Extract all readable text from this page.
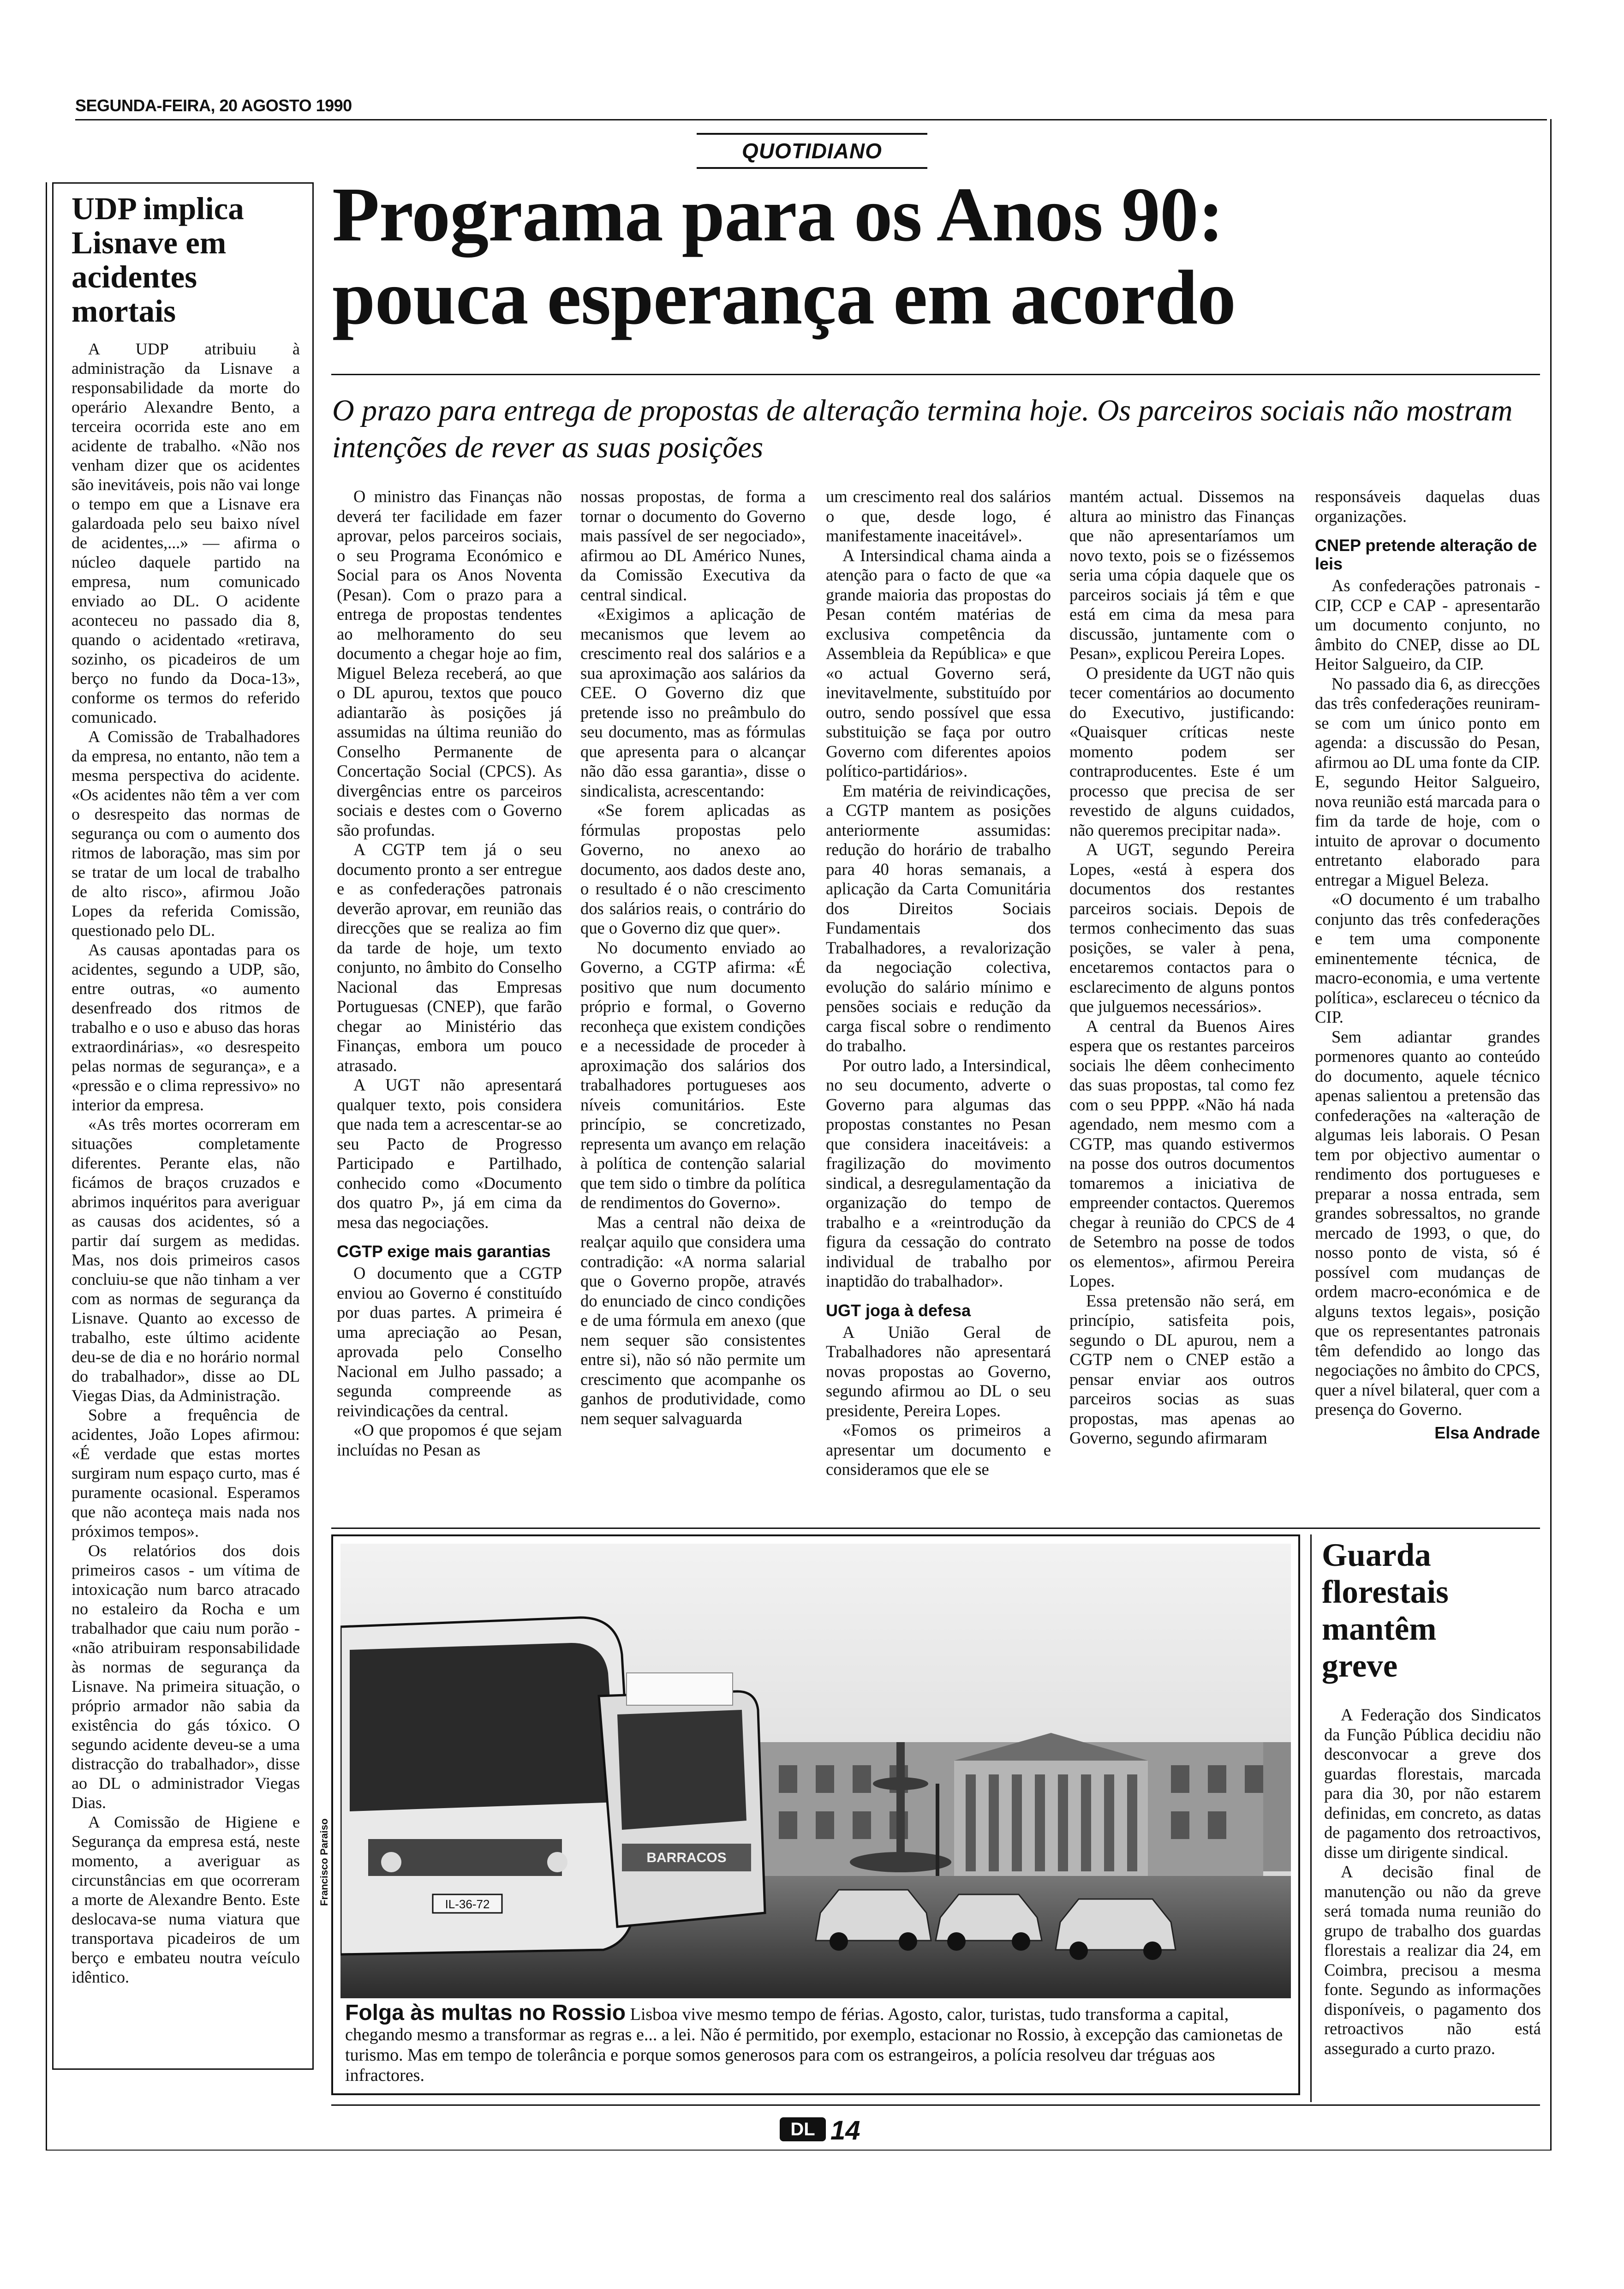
SEGUNDA-FEIRA, 20 AGOSTO 1990
QUOTIDIANO
UDP implica Lisnave em acidentes mortais

A UDP atribuiu à administração da Lisnave a responsabilidade da morte do operário Alexandre Bento, a terceira ocorrida este ano em acidente de trabalho. «Não nos venham dizer que os acidentes são inevitáveis, pois não vai longe o tempo em que a Lisnave era galardoada pelo seu baixo nível de acidentes,...» — afirma o núcleo daquele partido na empresa, num comunicado enviado ao DL. O acidente aconteceu no passado dia 8, quando o acidentado «retirava, sozinho, os picadeiros de um berço no fundo da Doca-13», conforme os termos do referido comunicado.

A Comissão de Trabalhadores da empresa, no entanto, não tem a mesma perspectiva do acidente. «Os acidentes não têm a ver com o desrespeito das normas de segurança ou com o aumento dos ritmos de laboração, mas sim por se tratar de um local de trabalho de alto risco», afirmou João Lopes da referida Comissão, questionado pelo DL.

As causas apontadas para os acidentes, segundo a UDP, são, entre outras, «o aumento desenfreado dos ritmos de trabalho e o uso e abuso das horas extraordinárias», «o desrespeito pelas normas de segurança», e a «pressão e o clima repressivo» no interior da empresa.

«As três mortes ocorreram em situações completamente diferentes. Perante elas, não ficámos de braços cruzados e abrimos inquéritos para averiguar as causas dos acidentes, só a partir daí surgem as medidas. Mas, nos dois primeiros casos concluiu-se que não tinham a ver com as normas de segurança da Lisnave. Quanto ao excesso de trabalho, este último acidente deu-se de dia e no horário normal do trabalhador», disse ao DL Viegas Dias, da Administração.

Sobre a frequência de acidentes, João Lopes afirmou: «É verdade que estas mortes surgiram num espaço curto, mas é puramente ocasional. Esperamos que não aconteça mais nada nos próximos tempos».

Os relatórios dos dois primeiros casos - um vítima de intoxicação num barco atracado no estaleiro da Rocha e um trabalhador que caiu num porão - «não atribuiram responsabilidade às normas de segurança da Lisnave. Na primeira situação, o próprio armador não sabia da existência do gás tóxico. O segundo acidente deveu-se a uma distracção do trabalhador», disse ao DL o administrador Viegas Dias.

A Comissão de Higiene e Segurança da empresa está, neste momento, a averiguar as circunstâncias em que ocorreram a morte de Alexandre Bento. Este deslocava-se numa viatura que transportava picadeiros de um berço e embateu noutra veículo idêntico.

Programa para os Anos 90:
pouca esperança em acordo
O prazo para entrega de propostas de alteração termina hoje. Os parceiros sociais não mostram intenções de rever as suas posições

O ministro das Finanças não deverá ter facilidade em fazer aprovar, pelos parceiros sociais, o seu Programa Económico e Social para os Anos Noventa (Pesan). Com o prazo para a entrega de propostas tendentes ao melhoramento do seu documento a chegar hoje ao fim, Miguel Beleza receberá, ao que o DL apurou, textos que pouco adiantarão às posições já assumidas na última reunião do Conselho Permanente de Concertação Social (CPCS). As divergências entre os parceiros sociais e destes com o Governo são profundas.

A CGTP tem já o seu documento pronto a ser entregue e as confederações patronais deverão aprovar, em reunião das direcções que se realiza ao fim da tarde de hoje, um texto conjunto, no âmbito do Conselho Nacional das Empresas Portuguesas (CNEP), que farão chegar ao Ministério das Finanças, embora um pouco atrasado.

A UGT não apresentará qualquer texto, pois considera que nada tem a acrescentar-se ao seu Pacto de Progresso Participado e Partilhado, conhecido como «Documento dos quatro P», já em cima da mesa das negociações.

CGTP exige mais garantias

O documento que a CGTP enviou ao Governo é constituído por duas partes. A primeira é uma apreciação ao Pesan, aprovada pelo Conselho Nacional em Julho passado; a segunda compreende as reivindicações da central.

«O que propomos é que sejam incluídas no Pesan as

nossas propostas, de forma a tornar o documento do Governo mais passível de ser negociado», afirmou ao DL Américo Nunes, da Comissão Executiva da central sindical.

«Exigimos a aplicação de mecanismos que levem ao crescimento real dos salários e a sua aproximação aos salários da CEE. O Governo diz que pretende isso no preâmbulo do seu documento, mas as fórmulas que apresenta para o alcançar não dão essa garantia», disse o sindicalista, acrescentando:

«Se forem aplicadas as fórmulas propostas pelo Governo, no anexo ao documento, aos dados deste ano, o resultado é o não crescimento dos salários reais, o contrário do que o Governo diz que quer».

No documento enviado ao Governo, a CGTP afirma: «É positivo que num documento próprio e formal, o Governo reconheça que existem condições e a necessidade de proceder à aproximação dos salários dos trabalhadores portugueses aos níveis comunitários. Este princípio, se concretizado, representa um avanço em relação à política de contenção salarial que tem sido o timbre da política de rendimentos do Governo».

Mas a central não deixa de realçar aquilo que considera uma contradição: «A norma salarial que o Governo propõe, através do enunciado de cinco condições e de uma fórmula em anexo (que nem sequer são consistentes entre si), não só não permite um crescimento que acompanhe os ganhos de produtividade, como nem sequer salvaguarda

um crescimento real dos salários o que, desde logo, é manifestamente inaceitável».

A Intersindical chama ainda a atenção para o facto de que «a grande maioria das propostas do Pesan contém matérias de exclusiva competência da Assembleia da República» e que «o actual Governo será, inevitavelmente, substituído por outro, sendo possível que essa substituição se faça por outro Governo com diferentes apoios político-partidários».

Em matéria de reivindicações, a CGTP mantem as posições anteriormente assumidas: redução do horário de trabalho para 40 horas semanais, a aplicação da Carta Comunitária dos Direitos Sociais Fundamentais dos Trabalhadores, a revalorização da negociação colectiva, evolução do salário mínimo e pensões sociais e redução da carga fiscal sobre o rendimento do trabalho.

Por outro lado, a Intersindical, no seu documento, adverte o Governo para algumas das propostas constantes no Pesan que considera inaceitáveis: a fragilização do movimento sindical, a desregulamentação da organização do tempo de trabalho e a «reintrodução da figura da cessação do contrato individual de trabalho por inaptidão do trabalhador».

UGT joga à defesa

A União Geral de Trabalhadores não apresentará novas propostas ao Governo, segundo afirmou ao DL o seu presidente, Pereira Lopes.

«Fomos os primeiros a apresentar um documento e consideramos que ele se

mantém actual. Dissemos na altura ao ministro das Finanças que não apresentaríamos um novo texto, pois se o fizéssemos seria uma cópia daquele que os parceiros sociais já têm e que está em cima da mesa para discussão, juntamente com o Pesan», explicou Pereira Lopes.

O presidente da UGT não quis tecer comentários ao documento do Executivo, justificando: «Quaisquer críticas neste momento podem ser contraproducentes. Este é um processo que precisa de ser revestido de alguns cuidados, não queremos precipitar nada».

A UGT, segundo Pereira Lopes, «está à espera dos documentos dos restantes parceiros sociais. Depois de termos conhecimento das suas posições, se valer à pena, encetaremos contactos para o esclarecimento de alguns pontos que julguemos necessários».

A central da Buenos Aires espera que os restantes parceiros sociais lhe dêem conhecimento das suas propostas, tal como fez com o seu PPPP. «Não há nada agendado, nem mesmo com a CGTP, mas quando estivermos na posse dos outros documentos tomaremos a iniciativa de empreender contactos. Queremos chegar à reunião do CPCS de 4 de Setembro na posse de todos os elementos», afirmou Pereira Lopes.

Essa pretensão não será, em princípio, satisfeita pois, segundo o DL apurou, nem a CGTP nem o CNEP estão a pensar enviar aos outros parceiros socias as suas propostas, mas apenas ao Governo, segundo afirmaram

responsáveis daquelas duas organizações.

CNEP pretende alteração de leis

As confederações patronais - CIP, CCP e CAP - apresentarão um documento conjunto, no âmbito do CNEP, disse ao DL Heitor Salgueiro, da CIP.

No passado dia 6, as direcções das três confederações reuniram-se com um único ponto em agenda: a discussão do Pesan, afirmou ao DL uma fonte da CIP. E, segundo Heitor Salgueiro, nova reunião está marcada para o fim da tarde de hoje, com o intuito de aprovar o documento entretanto elaborado para entregar a Miguel Beleza.

«O documento é um trabalho conjunto das três confederações e tem uma componente eminentemente técnica, de macro-economia, e uma vertente política», esclareceu o técnico da CIP.

Sem adiantar grandes pormenores quanto ao conteúdo do documento, aquele técnico apenas salientou a pretensão das confederações na «alteração de algumas leis laborais. O Pesan tem por objectivo aumentar o rendimento dos portugueses e preparar a nossa entrada, sem grandes sobressaltos, no grande mercado de 1993, o que, do nosso ponto de vista, só é possível com mudanças de ordem macro-económica e de alguns textos legais», posição que os representantes patronais têm defendido ao longo das negociações no âmbito do CPCS, quer a nível bilateral, quer com a presença do Governo.

Elsa Andrade
IL-36-72
BARRACOS
Francisco Paraiso
Folga às multas no Rossio Lisboa vive mesmo tempo de férias. Agosto, calor, turistas, tudo transforma a capital, chegando mesmo a transformar as regras e... a lei. Não é permitido, por exemplo, estacionar no Rossio, à excepção das camionetas de turismo. Mas em tempo de tolerância e porque somos generosos para com os estrangeiros, a polícia resolveu dar tréguas aos infractores.
Guarda florestais mantêm greve

A Federação dos Sindicatos da Função Pública decidiu não desconvocar a greve dos guardas florestais, marcada para dia 30, por não estarem definidas, em concreto, as datas de pagamento dos retroactivos, disse um dirigente sindical.

A decisão final de manutenção ou não da greve será tomada numa reunião do grupo de trabalho dos guardas florestais a realizar dia 24, em Coimbra, precisou a mesma fonte. Segundo as informações disponíveis, o pagamento dos retroactivos não está assegurado a curto prazo.

DL 14
